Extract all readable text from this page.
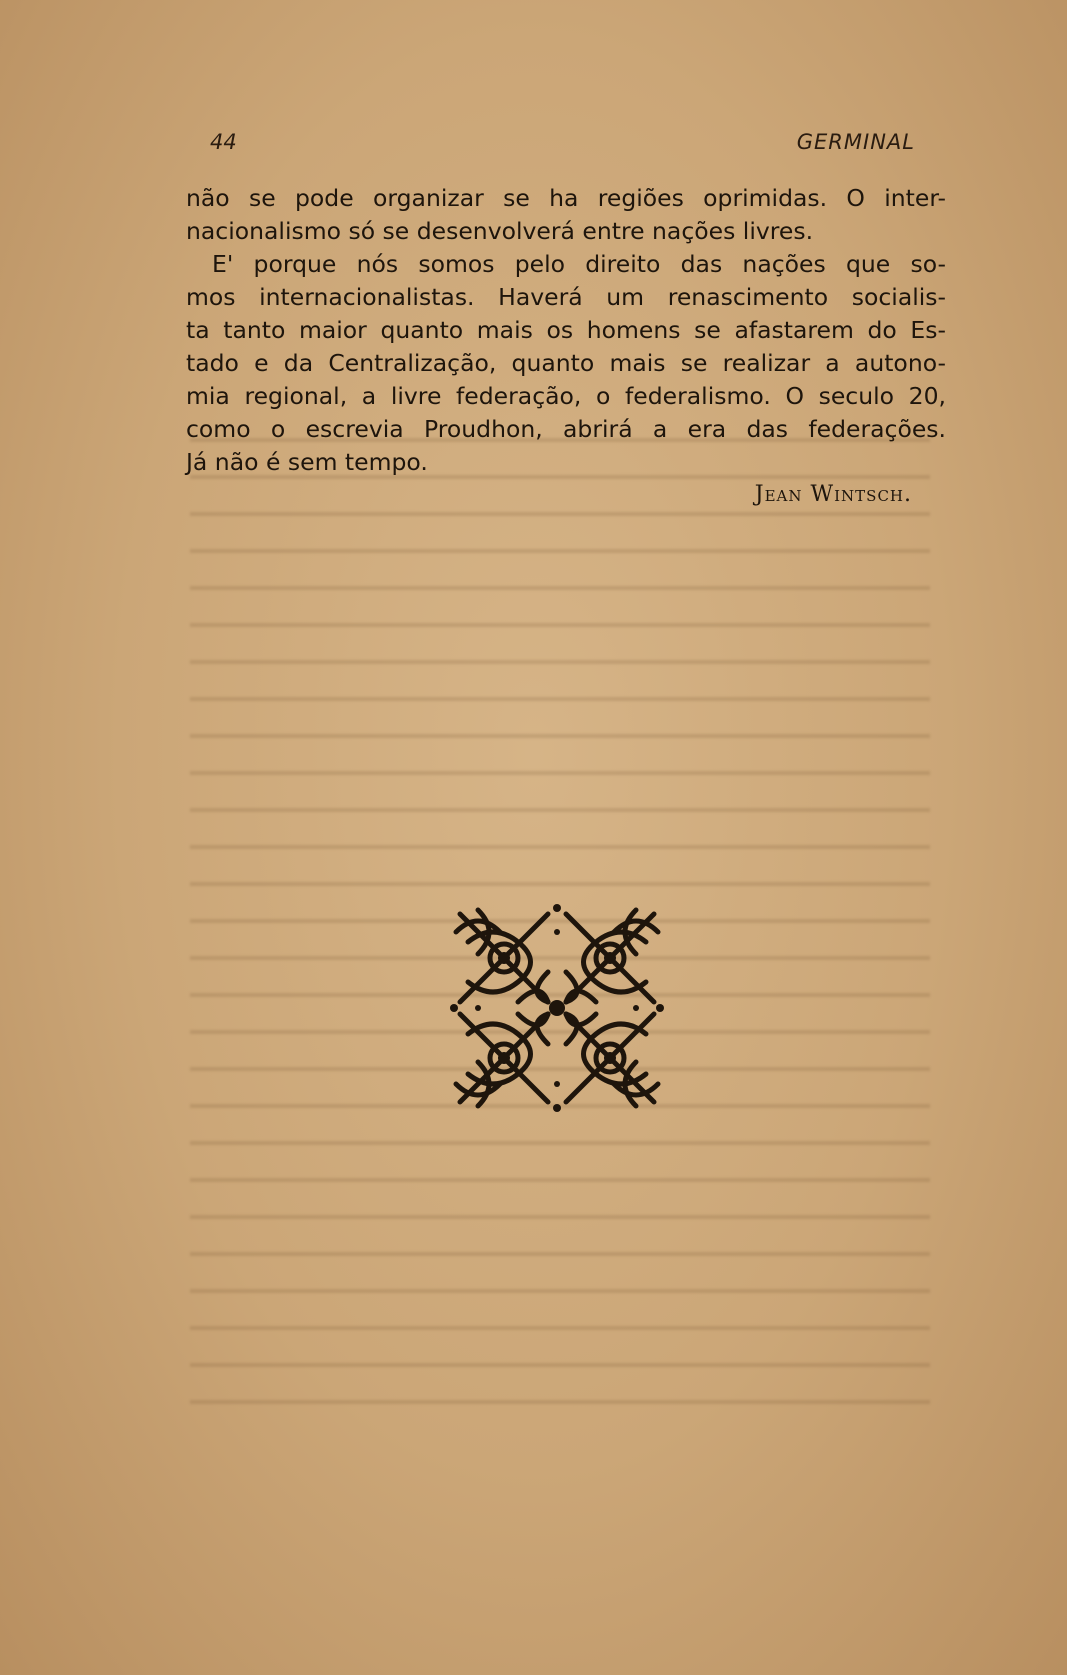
44	GERMINAL
não se pode organizar se ha regiões oprimidas. O inter-
nacionalismo só se desenvolverá entre nações livres.
E' porque nós somos pelo direito das nações que so-
mos internacionalistas. Haverá um renascimento socialis-
ta tanto maior quanto mais os homens se afastarem do Es-
tado e da Centralização, quanto mais se realizar a autono-
mia regional, a livre federação, o federalismo. O seculo 20,
como o escrevia Proudhon, abrirá a era das federações.
Já não é sem tempo.
Jean Wintsch.
